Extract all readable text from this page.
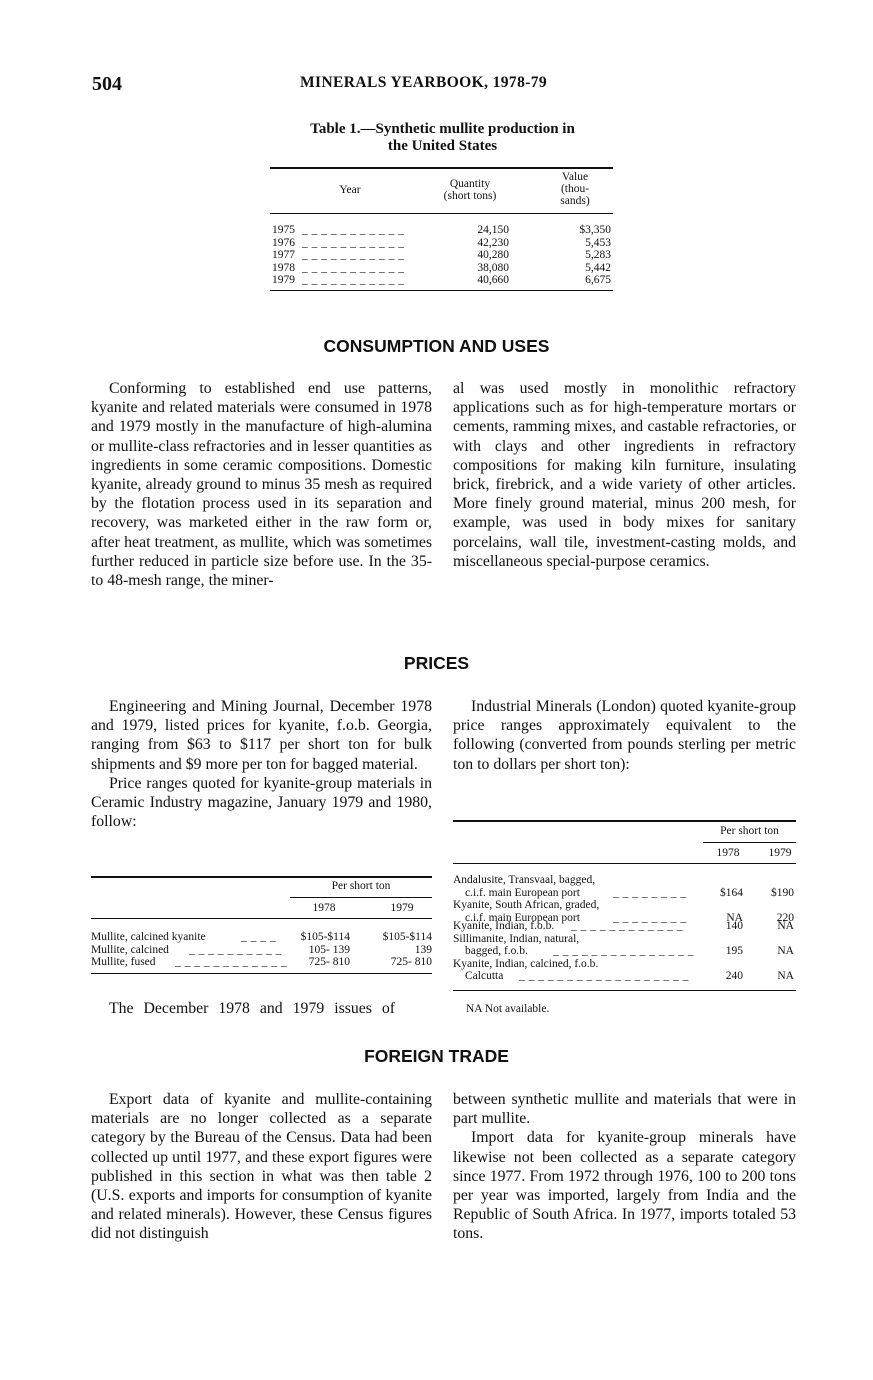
504	MINERALS YEARBOOK, 1978-79
Table 1.—Synthetic mullite production in
the United States
Year	Quantity
(short tons)
Value
(thou-
sands)
1975 _ _ _ _ _ _ _ _ _ _ _	24,150	$3,350
1976 _ _ _ _ _ _ _ _ _ _ _	42,230	5,453
1977 _ _ _ _ _ _ _ _ _ _ _	40,280	5,283
1978 _ _ _ _ _ _ _ _ _ _ _	38,080	5,442
1979 _ _ _ _ _ _ _ _ _ _ _	40,660	6,675
CONSUMPTION AND USES

Conforming to established end use patterns, kyanite and related materials were consumed in 1978 and 1979 mostly in the manufacture of high-alumina or mullite-class refractories and in lesser quantities as ingredients in some ceramic compositions. Domestic kyanite, already ground to minus 35 mesh as required by the flotation process used in its separation and recovery, was marketed either in the raw form or, after heat treatment, as mullite, which was sometimes further reduced in particle size before use. In the 35- to 48-mesh range, the miner-

al was used mostly in monolithic refractory applications such as for high-temperature mortars or cements, ramming mixes, and castable refractories, or with clays and other ingredients in refractory compositions for making kiln furniture, insulating brick, firebrick, and a wide variety of other articles. More finely ground material, minus 200 mesh, for example, was used in body mixes for sanitary porcelains, wall tile, investment-casting molds, and miscellaneous special-purpose ceramics.

PRICES

Engineering and Mining Journal, December 1978 and 1979, listed prices for kyanite, f.o.b. Georgia, ranging from $63 to $117 per short ton for bulk shipments and $9 more per ton for bagged material.

Price ranges quoted for kyanite-group materials in Ceramic Industry magazine, January 1979 and 1980, follow:

Industrial Minerals (London) quoted kyanite-group price ranges approximately equivalent to the following (converted from pounds sterling per metric ton to dollars per short ton):

Per short ton
1978	1979
Mullite, calcined kyanite	_ _ _ _ $105-$114	$105-$114
Mullite, calcined _ _ _ _ _ _ _ _ _ _ 105- 139	139
Mullite, fused _ _ _ _ _ _ _ _ _ _ _ _ 725- 810	725- 810

The December 1978 and 1979 issues of

Per short ton
1978	1979
Andalusite, Transvaal, bagged,
c.i.f. main European port	_ _ _ _ _ _ _ _	$164 $190
Kyanite, South African, graded,
c.i.f. main European port	_ _ _ _ _ _ _ _	NA	220
Kyanite, Indian, f.o.b. _ _ _ _ _ _ _ _ _ _ _ _	140	NA
Sillimanite, Indian, natural,
bagged, f.o.b. _ _ _ _ _ _ _ _ _ _ _ _ _ _ _	195	NA
Kyanite, Indian, calcined, f.o.b.
Calcutta _ _ _ _ _ _ _ _ _ _ _ _ _ _ _ _ _ _	240	NA
NA Not available.
FOREIGN TRADE

Export data of kyanite and mullite-containing materials are no longer collected as a separate category by the Bureau of the Census. Data had been collected up until 1977, and these export figures were published in this section in what was then table 2 (U.S. exports and imports for consumption of kyanite and related minerals). However, these Census figures did not distinguish

between synthetic mullite and materials that were in part mullite.

Import data for kyanite-group minerals have likewise not been collected as a separate category since 1977. From 1972 through 1976, 100 to 200 tons per year was imported, largely from India and the Republic of South Africa. In 1977, imports totaled 53 tons.
